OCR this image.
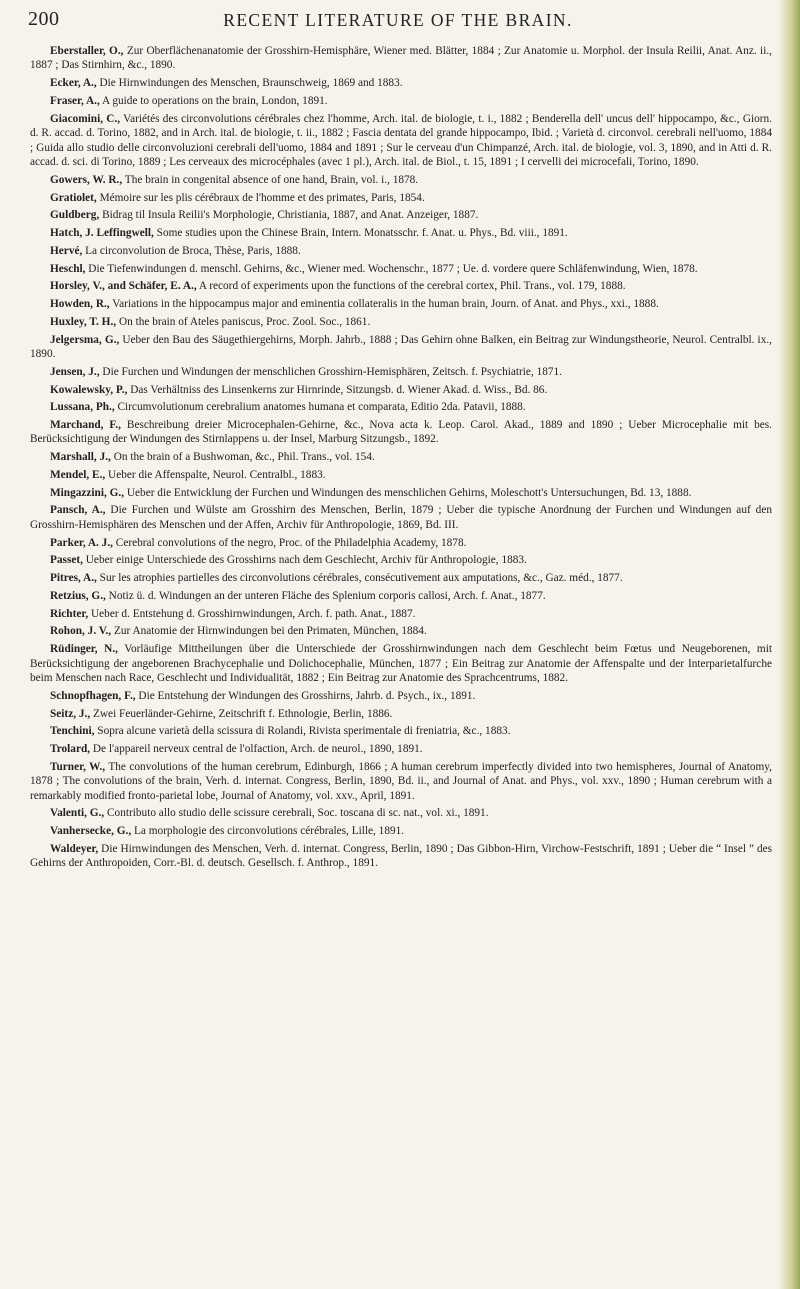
200	RECENT LITERATURE OF THE BRAIN.

Eberstaller, O., Zur Oberflächenanatomie der Grosshirn-Hemisphäre, Wiener med. Blätter, 1884 ; Zur Anatomie u. Morphol. der Insula Reilii, Anat. Anz. ii., 1887 ; Das Stirnhirn, &c., 1890.

Ecker, A., Die Hirnwindungen des Menschen, Braunschweig, 1869 and 1883.

Fraser, A., A guide to operations on the brain, London, 1891.

Giacomini, C., Variétés des circonvolutions cérébrales chez l'homme, Arch. ital. de biologie, t. i., 1882 ; Benderella dell' uncus dell' hippocampo, &c., Giorn. d. R. accad. d. Torino, 1882, and in Arch. ital. de biologie, t. ii., 1882 ; Fascia dentata del grande hippocampo, Ibid. ; Varietà d. circonvol. cerebrali nell'uomo, 1884 ; Guida allo studio delle circonvoluzioni cerebrali dell'uomo, 1884 and 1891 ; Sur le cerveau d'un Chimpanzé, Arch. ital. de biologie, vol. 3, 1890, and in Atti d. R. accad. d. sci. di Torino, 1889 ; Les cerveaux des microcéphales (avec 1 pl.), Arch. ital. de Biol., t. 15, 1891 ; I cervelli dei microcefali, Torino, 1890.

Gowers, W. R., The brain in congenital absence of one hand, Brain, vol. i., 1878.

Gratiolet, Mémoire sur les plis cérébraux de l'homme et des primates, Paris, 1854.

Guldberg, Bidrag til Insula Reilii's Morphologie, Christiania, 1887, and Anat. Anzeiger, 1887.

Hatch, J. Leffingwell, Some studies upon the Chinese Brain, Intern. Monatsschr. f. Anat. u. Phys., Bd. viii., 1891.

Hervé, La circonvolution de Broca, Thèse, Paris, 1888.

Heschl, Die Tiefenwindungen d. menschl. Gehirns, &c., Wiener med. Wochenschr., 1877 ; Ue. d. vordere quere Schläfenwindung, Wien, 1878.

Horsley, V., and Schäfer, E. A., A record of experiments upon the functions of the cerebral cortex, Phil. Trans., vol. 179, 1888.

Howden, R., Variations in the hippocampus major and eminentia collateralis in the human brain, Journ. of Anat. and Phys., xxi., 1888.

Huxley, T. H., On the brain of Ateles paniscus, Proc. Zool. Soc., 1861.

Jelgersma, G., Ueber den Bau des Säugethiergehirns, Morph. Jahrb., 1888 ; Das Gehirn ohne Balken, ein Beitrag zur Windungstheorie, Neurol. Centralbl. ix., 1890.

Jensen, J., Die Furchen und Windungen der menschlichen Grosshirn-Hemisphären, Zeitsch. f. Psychiatrie, 1871.

Kowalewsky, P., Das Verhältniss des Linsenkerns zur Hirnrinde, Sitzungsb. d. Wiener Akad. d. Wiss., Bd. 86.

Lussana, Ph., Circumvolutionum cerebralium anatomes humana et comparata, Editio 2da. Patavii, 1888.

Marchand, F., Beschreibung dreier Microcephalen-Gehirne, &c., Nova acta k. Leop. Carol. Akad., 1889 and 1890 ; Ueber Microcephalie mit bes. Berücksichtigung der Windungen des Stirnlappens u. der Insel, Marburg Sitzungsb., 1892.

Marshall, J., On the brain of a Bushwoman, &c., Phil. Trans., vol. 154.

Mendel, E., Ueber die Affenspalte, Neurol. Centralbl., 1883.

Mingazzini, G., Ueber die Entwicklung der Furchen und Windungen des menschlichen Gehirns, Moleschott's Untersuchungen, Bd. 13, 1888.

Pansch, A., Die Furchen und Wülste am Grosshirn des Menschen, Berlin, 1879 ; Ueber die typische Anordnung der Furchen und Windungen auf den Grosshirn-Hemisphären des Menschen und der Affen, Archiv für Anthropologie, 1869, Bd. III.

Parker, A. J., Cerebral convolutions of the negro, Proc. of the Philadelphia Academy, 1878.

Passet, Ueber einige Unterschiede des Grosshirns nach dem Geschlecht, Archiv für Anthropologie, 1883.

Pitres, A., Sur les atrophies partielles des circonvolutions cérébrales, consécutivement aux amputations, &c., Gaz. méd., 1877.

Retzius, G., Notiz ü. d. Windungen an der unteren Fläche des Splenium corporis callosi, Arch. f. Anat., 1877.

Richter, Ueber d. Entstehung d. Grosshirnwindungen, Arch. f. path. Anat., 1887.

Rohon, J. V., Zur Anatomie der Hirnwindungen bei den Primaten, München, 1884.

Rüdinger, N., Vorläufige Mittheilungen über die Unterschiede der Grosshirnwindungen nach dem Geschlecht beim Fœtus und Neugeborenen, mit Berücksichtigung der angeborenen Brachycephalie und Dolichocephalie, München, 1877 ; Ein Beitrag zur Anatomie der Affenspalte und der Interparietalfurche beim Menschen nach Race, Geschlecht und Individualität, 1882 ; Ein Beitrag zur Anatomie des Sprachcentrums, 1882.

Schnopfhagen, F., Die Entstehung der Windungen des Grosshirns, Jahrb. d. Psych., ix., 1891.

Seitz, J., Zwei Feuerländer-Gehirne, Zeitschrift f. Ethnologie, Berlin, 1886.

Tenchini, Sopra alcune varietà della scissura di Rolandi, Rivista sperimentale di freniatria, &c., 1883.

Trolard, De l'appareil nerveux central de l'olfaction, Arch. de neurol., 1890, 1891.

Turner, W., The convolutions of the human cerebrum, Edinburgh, 1866 ; A human cerebrum imperfectly divided into two hemispheres, Journal of Anatomy, 1878 ; The convolutions of the brain, Verh. d. internat. Congress, Berlin, 1890, Bd. ii., and Journal of Anat. and Phys., vol. xxv., 1890 ; Human cerebrum with a remarkably modified fronto-parietal lobe, Journal of Anatomy, vol. xxv., April, 1891.

Valenti, G., Contributo allo studio delle scissure cerebrali, Soc. toscana di sc. nat., vol. xi., 1891.

Vanhersecke, G., La morphologie des circonvolutions cérébrales, Lille, 1891.

Waldeyer, Die Hirnwindungen des Menschen, Verh. d. internat. Congress, Berlin, 1890 ; Das Gibbon-Hirn, Virchow-Festschrift, 1891 ; Ueber die “ Insel ” des Gehirns der Anthropoiden, Corr.-Bl. d. deutsch. Gesellsch. f. Anthrop., 1891.
